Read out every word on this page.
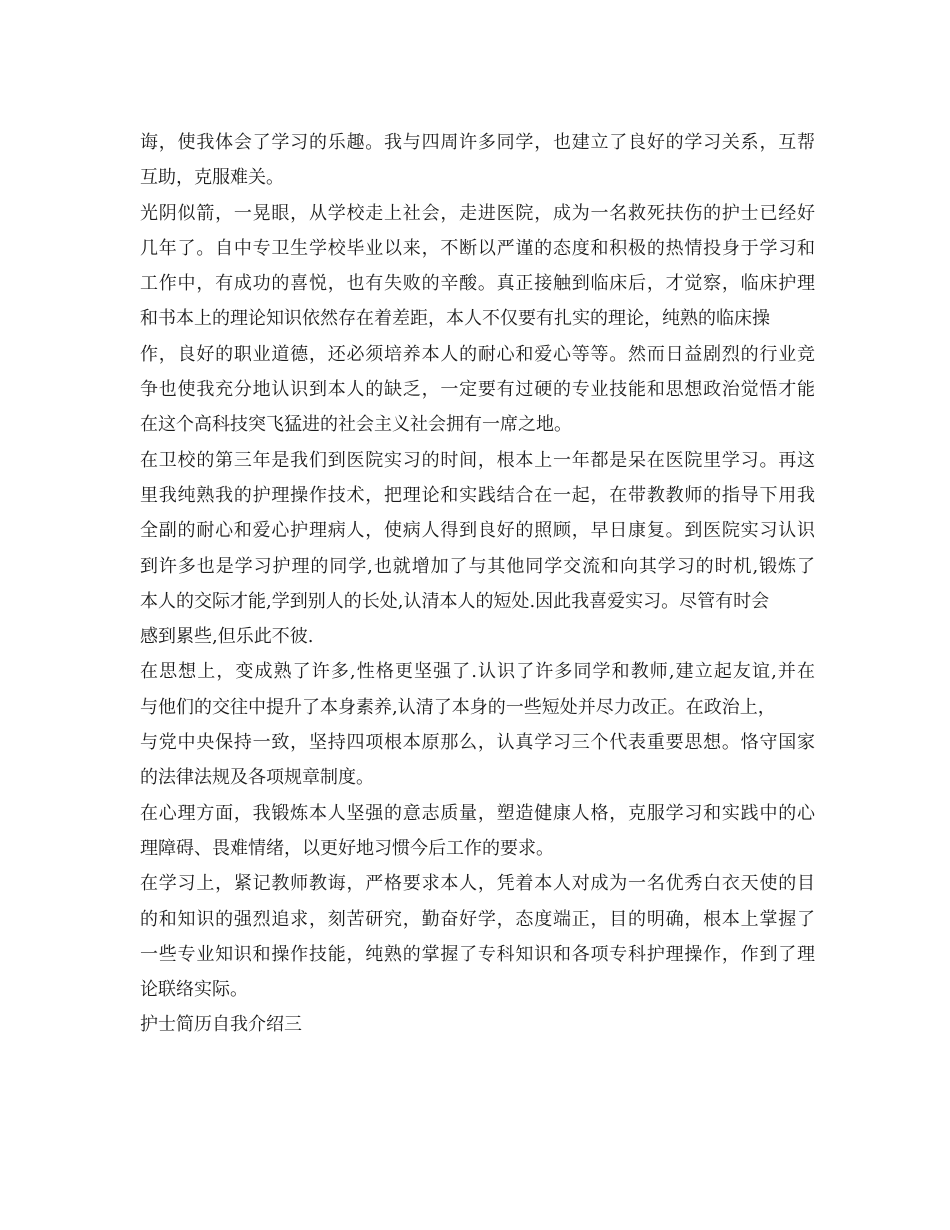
诲，使我体会了学习的乐趣。我与四周许多同学，也建立了良好的学习关系，互帮
互助，克服难关。
光阴似箭，一晃眼，从学校走上社会，走进医院，成为一名救死扶伤的护士已经好
几年了。自中专卫生学校毕业以来，不断以严谨的态度和积极的热情投身于学习和
工作中，有成功的喜悦，也有失败的辛酸。真正接触到临床后，才觉察，临床护理
和书本上的理论知识依然存在着差距，本人不仅要有扎实的理论，纯熟的临床操
作，良好的职业道德，还必须培养本人的耐心和爱心等等。然而日益剧烈的行业竞
争也使我充分地认识到本人的缺乏，一定要有过硬的专业技能和思想政治觉悟才能
在这个高科技突飞猛进的社会主义社会拥有一席之地。
在卫校的第三年是我们到医院实习的时间，根本上一年都是呆在医院里学习。再这
里我纯熟我的护理操作技术，把理论和实践结合在一起，在带教教师的指导下用我
全副的耐心和爱心护理病人，使病人得到良好的照顾，早日康复。到医院实习认识
到许多也是学习护理的同学,也就增加了与其他同学交流和向其学习的时机,锻炼了
本人的交际才能,学到别人的长处,认清本人的短处.因此我喜爱实习。尽管有时会
感到累些,但乐此不彼.
在思想上，变成熟了许多,性格更坚强了.认识了许多同学和教师,建立起友谊,并在
与他们的交往中提升了本身素养,认清了本身的一些短处并尽力改正。在政治上，
与党中央保持一致，坚持四项根本原那么，认真学习三个代表重要思想。恪守国家
的法律法规及各项规章制度。
在心理方面，我锻炼本人坚强的意志质量，塑造健康人格，克服学习和实践中的心
理障碍、畏难情绪，以更好地习惯今后工作的要求。
在学习上，紧记教师教诲，严格要求本人，凭着本人对成为一名优秀白衣天使的目
的和知识的强烈追求，刻苦研究，勤奋好学，态度端正，目的明确，根本上掌握了
一些专业知识和操作技能，纯熟的掌握了专科知识和各项专科护理操作，作到了理
论联络实际。
护士简历自我介绍三
